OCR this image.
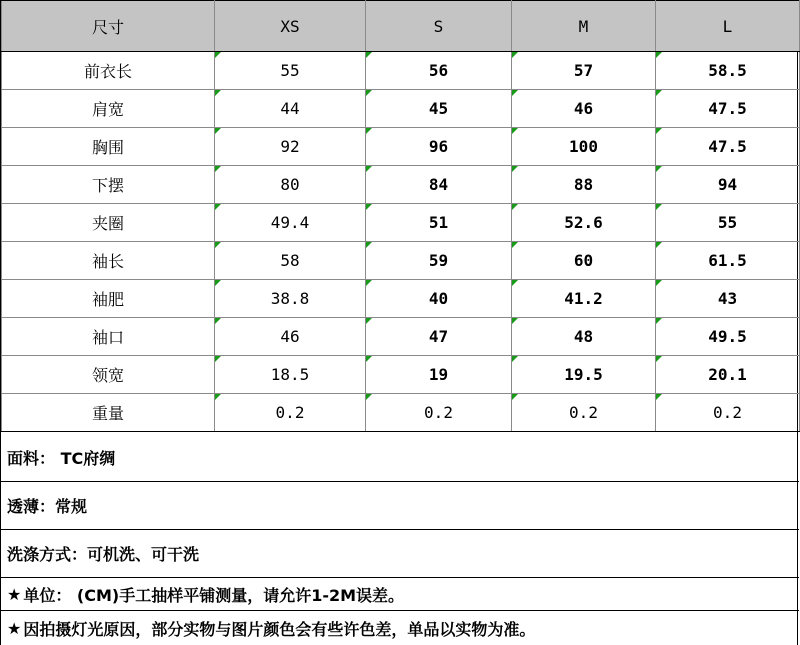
尺寸	XS	S	M	L
前衣长	55	56	57	58.5
肩宽	44	45	46	47.5
胸围	92	96	100	47.5
下摆	80	84	88	94
夹圈	49.4	51	52.6	55
袖长	58	59	60	61.5
袖肥	38.8	40	41.2	43
袖口	46	47	48	49.5
领宽	18.5	19	19.5	20.1
重量	0.2	0.2	0.2	0.2
面料： TC府绸
透薄：常规
洗涤方式：可机洗、可干洗
★ 单位： (CM)手工抽样平铺测量，请允许1-2M误差。
★ 因拍摄灯光原因，部分实物与图片颜色会有些许色差，单品以实物为准。
